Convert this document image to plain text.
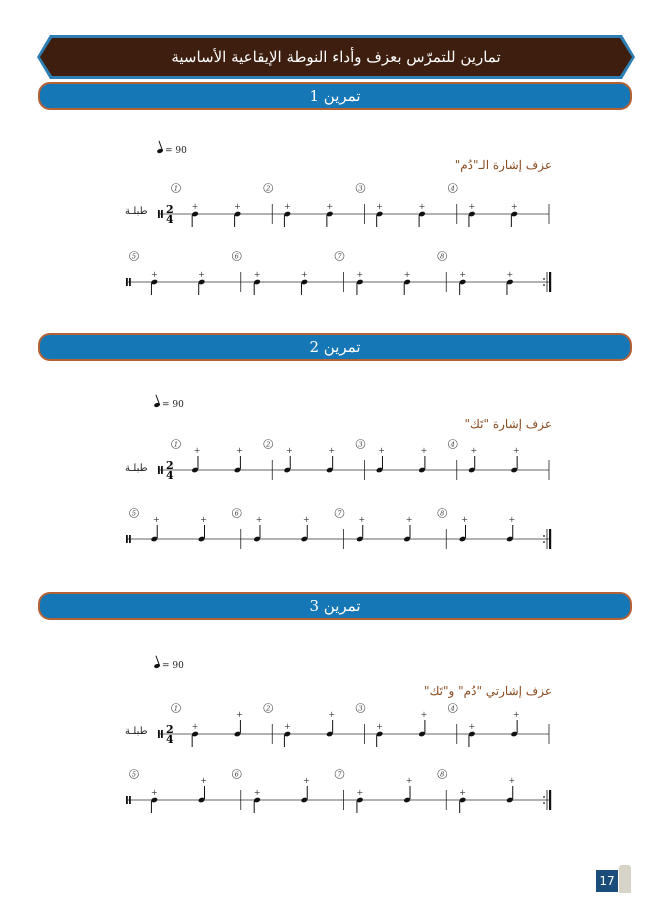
تمارين للتمرّس بعزف وأداء النوطة الإيقاعية الأساسية
تمرين 1
= 90
عزف إشارة الـ"دُم"
طبلـة 2
4
1
+	+
2
+	+
3
+	+
4
+	+
5
+	+
6
+	+
7
+	+
8
+	+
تمرين 2
= 90
عزف إشارة "تَك"
طبلـة 2
4
1
+	+
2
+	+
3
+	+
4
+	+
5
+	+
6
+	+
7
+	+
8
+	+
تمرين 3
= 90
عزف إشارتي "دُم" و"تَك"
طبلـة 2
4
1
+
+
2
+
+
3
+
+
4
+
+
5
+
+
6
+
+
7
+
+
8
+
+
17
